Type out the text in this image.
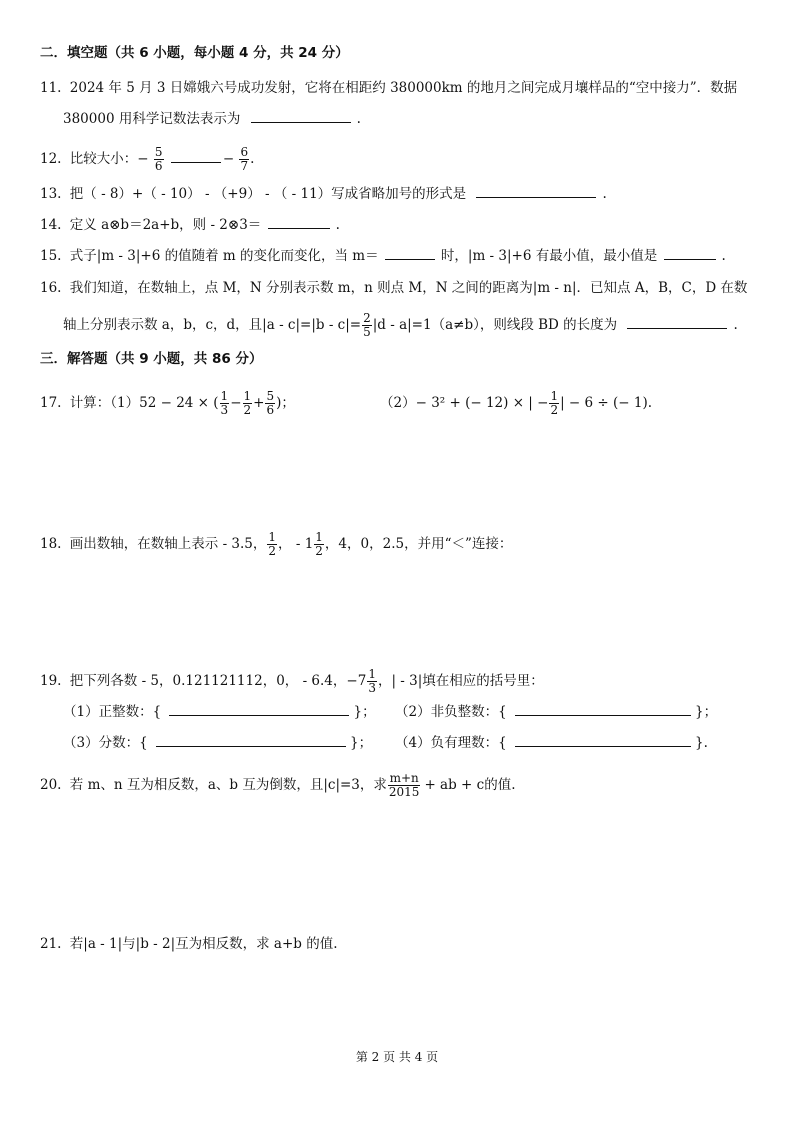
二．填空题（共 6 小题，每小题 4 分，共 24 分）
11. 2024 年 5 月 3 日嫦娥六号成功发射，它将在相距约 380000km 的地月之间完成月壤样品的“空中接力”．数据
380000 用科学记数法表示为	.
12. 比较大小：− $\frac{5}{6}$	− $\frac{6}{7}$ .
13. 把（ - 8）+（ - 10） - （+9） - （ - 11）写成省略加号的形式是	.
14. 定义 a⊗b＝2a+b，则 - 2⊗3＝	.
15. 式子|m - 3|+6 的值随着 m 的变化而变化，当 m＝	时，|m - 3|+6 有最小值，最小值是	.
16. 我们知道，在数轴上，点 M，N 分别表示数 m，n 则点 M，N 之间的距离为|m - n|．已知点 A，B，C，D 在数
轴上分别表示数 a，b，c，d，且$|a - c|=|b - c|= \frac{2}{5} |d - a|=1(a\ne b)$，则线段 BD 的长度为	.
三．解答题（共 9 小题，共 86 分）
17. 计算：（1）52 − 24 × ( $\frac{1}{3} - \frac{1}{2} + \frac{5}{6}$ )；	（2）− 3² + (− 12) × | − $\frac{1}{2}$ | − 6 ÷ (− 1).
18. 画出数轴，在数轴上表示 - 3.5， $\frac{1}{2}$ ， - $1 \frac{1}{2}$ ，4，0，2.5，并用“＜”连接：
19. 把下列各数 - 5，0.121121112，0， - 6.4，$-7 \frac{1}{3}$ ，| - 3|填在相应的括号里：
（1）正整数：{	}； （2）非负整数：{	}；
（3）分数：{	}； （4）负有理数：{	}.
20. 若 m、n 互为相反数，a、b 互为倒数，且|c|=3，求 $\frac{m+n}{2015}$ + ab + c的值.
21. 若|a - 1|与|b - 2|互为相反数，求 a+b 的值.
第 2 页 共 4 页
